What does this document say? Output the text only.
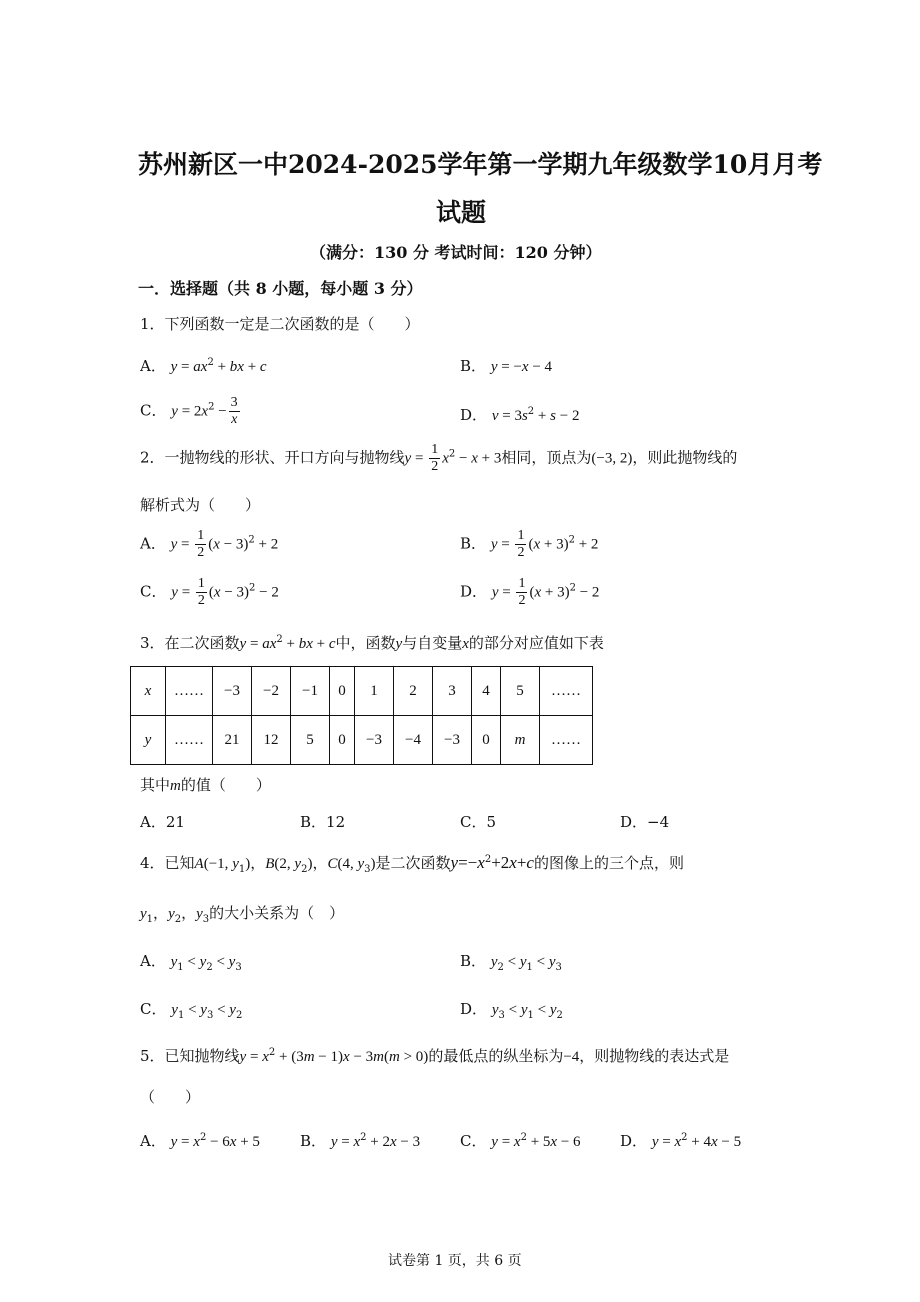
苏州新区一中2024-2025学年第一学期九年级数学10月月考
试题
（满分：130 分 考试时间：120 分钟）
一．选择题（共 8 小题，每小题 3 分）
1．下列函数一定是二次函数的是（　　）
A． $y = ax^2$ + bx + c	B． y = −x − 4
C． $y = 2x^2 - \frac{3}{x}$	D． $v = 3s^2 + s - 2$
2．一抛物线的形状、开口方向与抛物线$y = \frac{1}{2} x^2 - x + 3$相同，顶点为(−3, 2)，则此抛物线的
解析式为（　　）
A． $y = \frac{1}{2} (x - 3)^2 + 2$	B． $y = \frac{1}{2} (x + 3)^2 + 2$
C． $y = \frac{1}{2} (x - 3)^2 - 2$	D． $y = \frac{1}{2} (x + 3)^2 - 2$
3．在二次函数$y = ax^2$ + bx + c中，函数y与自变量x的部分对应值如下表
x	……	−3	−2	−1	0	1	2	3	4	5	……
y	……	21	12	5	0	−3	−4	−3	0	m	……
其中m的值（　　）
A．21	B．12	C．5	D．−4
4．已知A(−1, $y_1$)，B(2, $y_2$)，C(4, $y_3$)是二次函数$y=-x^2+2x+c$的图像上的三个点，则
$y_1$，$y_2$，$y_3$的大小关系为（　）
A． $y_1 < y_2 < y_3$	B． $y_2 < y_1 < y_3$
C． $y_1 < y_3 < y_2$	D． $y_3 < y_1 < y_2$
5．已知抛物线$y = x^2 + (3m - 1)x - 3m(m > 0)$的最低点的纵坐标为−4，则抛物线的表达式是
（　　）
A． $y = x^2 - 6x + 5$	B． $y = x^2 + 2x - 3$	C． $y = x^2 + 5x - 6$	D． $y = x^2 + 4x - 5$
试卷第 1 页，共 6 页
